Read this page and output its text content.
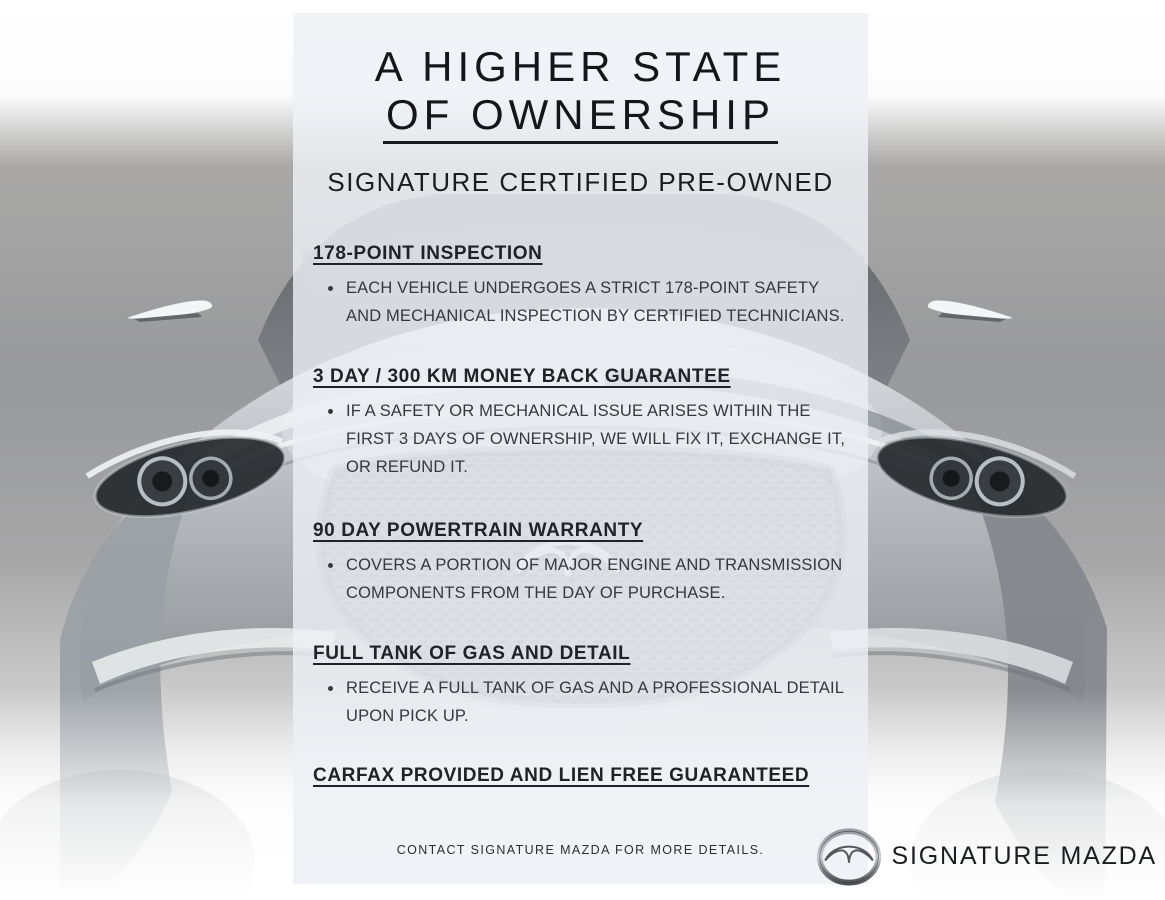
A HIGHER STATE
OF OWNERSHIP
SIGNATURE CERTIFIED PRE-OWNED
178-POINT INSPECTION
• EACH VEHICLE UNDERGOES A STRICT 178-POINT SAFETY AND MECHANICAL INSPECTION BY CERTIFIED TECHNICIANS.
3 DAY / 300 KM MONEY BACK GUARANTEE
• IF A SAFETY OR MECHANICAL ISSUE ARISES WITHIN THE FIRST 3 DAYS OF OWNERSHIP, WE WILL FIX IT, EXCHANGE IT, OR REFUND IT.
90 DAY POWERTRAIN WARRANTY
• COVERS A PORTION OF MAJOR ENGINE AND TRANSMISSION COMPONENTS FROM THE DAY OF PURCHASE.
FULL TANK OF GAS AND DETAIL
• RECEIVE A FULL TANK OF GAS AND A PROFESSIONAL DETAIL UPON PICK UP.
CARFAX PROVIDED AND LIEN FREE GUARANTEED
CONTACT SIGNATURE MAZDA FOR MORE DETAILS.	SIGNATURE MAZDA
